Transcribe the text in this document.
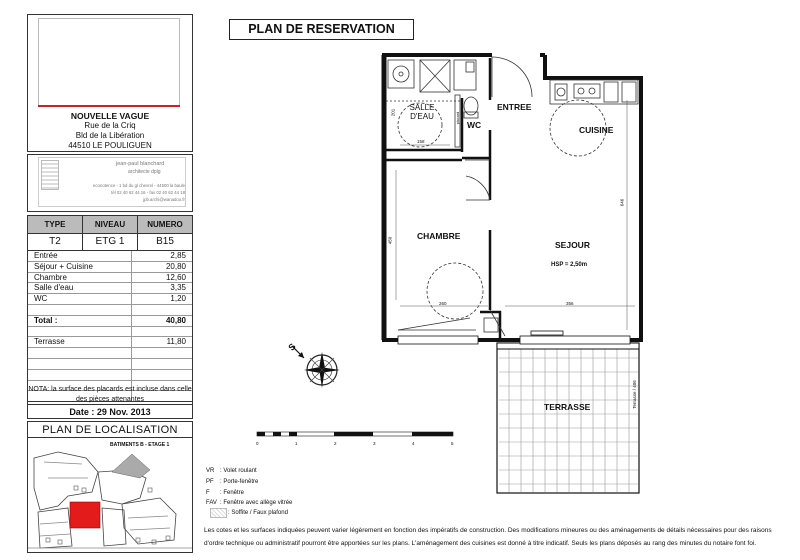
NOUVELLE VAGUE
Rue de la Criq
Bld de la Libération
44510 LE POULIGUEN
jean-paul blanchard
architecte dplg
econotence - 1 bd du gl chevrel - 44500 la baule
tél 02 40 62 44 16 - fax 02 40 62 44 18
jpb.archi@wanadoo.fr
TYPE	NIVEAU	NUMERO
T2	ETG 1	B15
Entrée	2,85
Séjour + Cuisine	20,80
Chambre	12,60
Salle d'eau	3,35
WC	1,20
Total :	40,80
Terrasse	11,80
NOTA: la surface des placards est incluse dans celle des pièces attenantes
Date : 29 Nov. 2013
PLAN DE LOCALISATION
BATIMENTS B - ETAGE 1
PLAN DE RESERVATION
SALLE D'EAU
WC
ENTREE
CUISINE
CHAMBRE
SEJOUR
HSP = 2,50m
TERRASSE
158
201
450
260	356
646
Terrasse / 406
placard
S
0	1	2	3	4	5
VR : Volet roulant
PF : Porte-fenêtre
F : Fenêtre
FAV : Fenêtre avec allège vitrée
: Soffite / Faux plafond
Les cotes et les surfaces indiquées peuvent varier légèrement en fonction des impératifs de construction. Des modifications mineures ou des aménagements de détails nécessaires pour des raisons
d'ordre technique ou administratif pourront être apportées sur les plans. L'aménagement des cuisines est donné à titre indicatif. Seuls les plans déposés au rang des minutes du notaire font foi.
